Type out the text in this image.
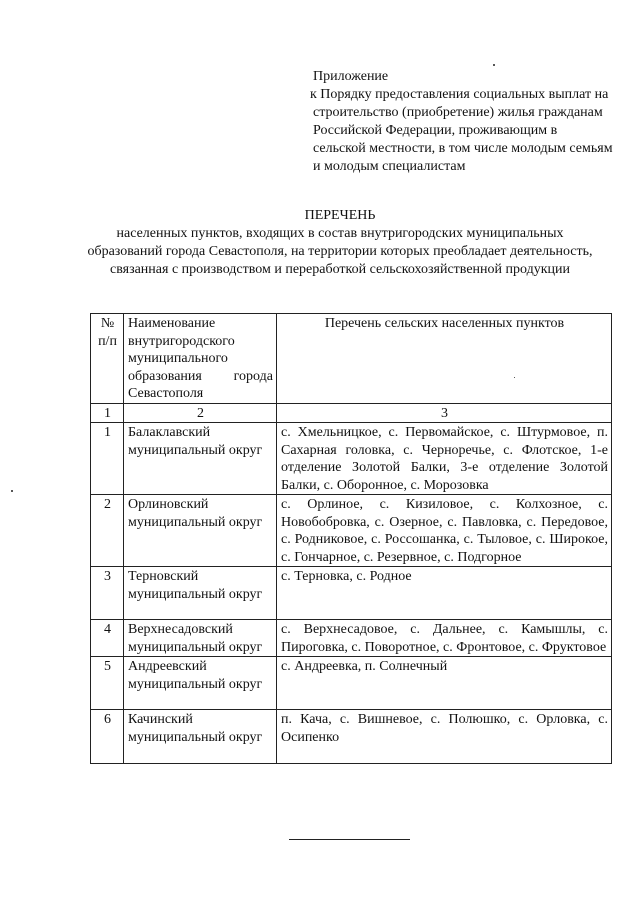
Приложение
к Порядку предоставления социальных выплат на строительство (приобретение) жилья гражданам Российской Федерации, проживающим в сельской местности, в том числе молодым семьям и молодым специалистам
ПЕРЕЧЕНЬ
населенных пунктов, входящих в состав внутригородских муниципальных образований города Севастополя, на территории которых преобладает деятельность, связанная с производством и переработкой сельскохозяйственной продукции
№ п/п	Наименование внутригородского муниципального образования города Севастополя	Перечень сельских населенных пунктов
1	2	3
1	Балаклавский муниципальный округ	с. Хмельницкое, с. Первомайское, с. Штурмовое, п. Сахарная головка, с. Черноречье, с. Флотское, 1-е отделение Золотой Балки, 3-е отделение Золотой Балки, с. Оборонное, с. Морозовка
2	Орлиновский муниципальный округ	с. Орлиное, с. Кизиловое, с. Колхозное, с. Новобобровка, с. Озерное, с. Павловка, с. Передовое, с. Родниковое, с. Россошанка, с. Тыловое, с. Широкое, с. Гончарное, с. Резервное, с. Подгорное
3	Терновский муниципальный округ	с. Терновка, с. Родное
4	Верхнесадовский муниципальный округ	с. Верхнесадовое, с. Дальнее, с. Камышлы, с. Пироговка, с. Поворотное, с. Фронтовое, с. Фруктовое
5	Андреевский муниципальный округ	с. Андреевка, п. Солнечный
6	Качинский муниципальный округ	п. Кача, с. Вишневое, с. Полюшко, с. Орловка, с. Осипенко
